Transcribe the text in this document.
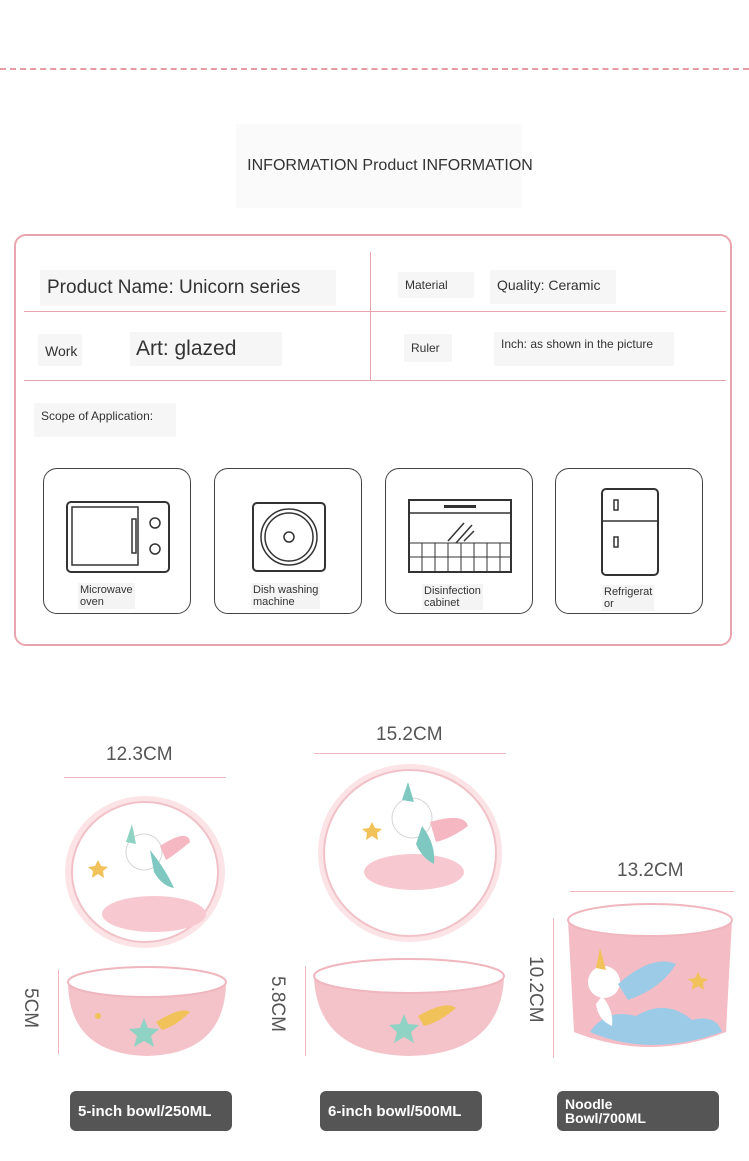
INFORMATION Product INFORMATION
Product Name: Unicorn series	Material	Quality: Ceramic
Work	Art: glazed	Ruler	Inch: as shown in the picture
Scope of Application:
Microwave
oven
Dish washing
machine
Disinfection
cabinet
Refrigerat
or
12.3CM
5CM
5-inch bowl/250ML
15.2CM
5.8CM
6-inch bowl/500ML
13.2CM
10.2CM
Noodle
Bowl/700ML
